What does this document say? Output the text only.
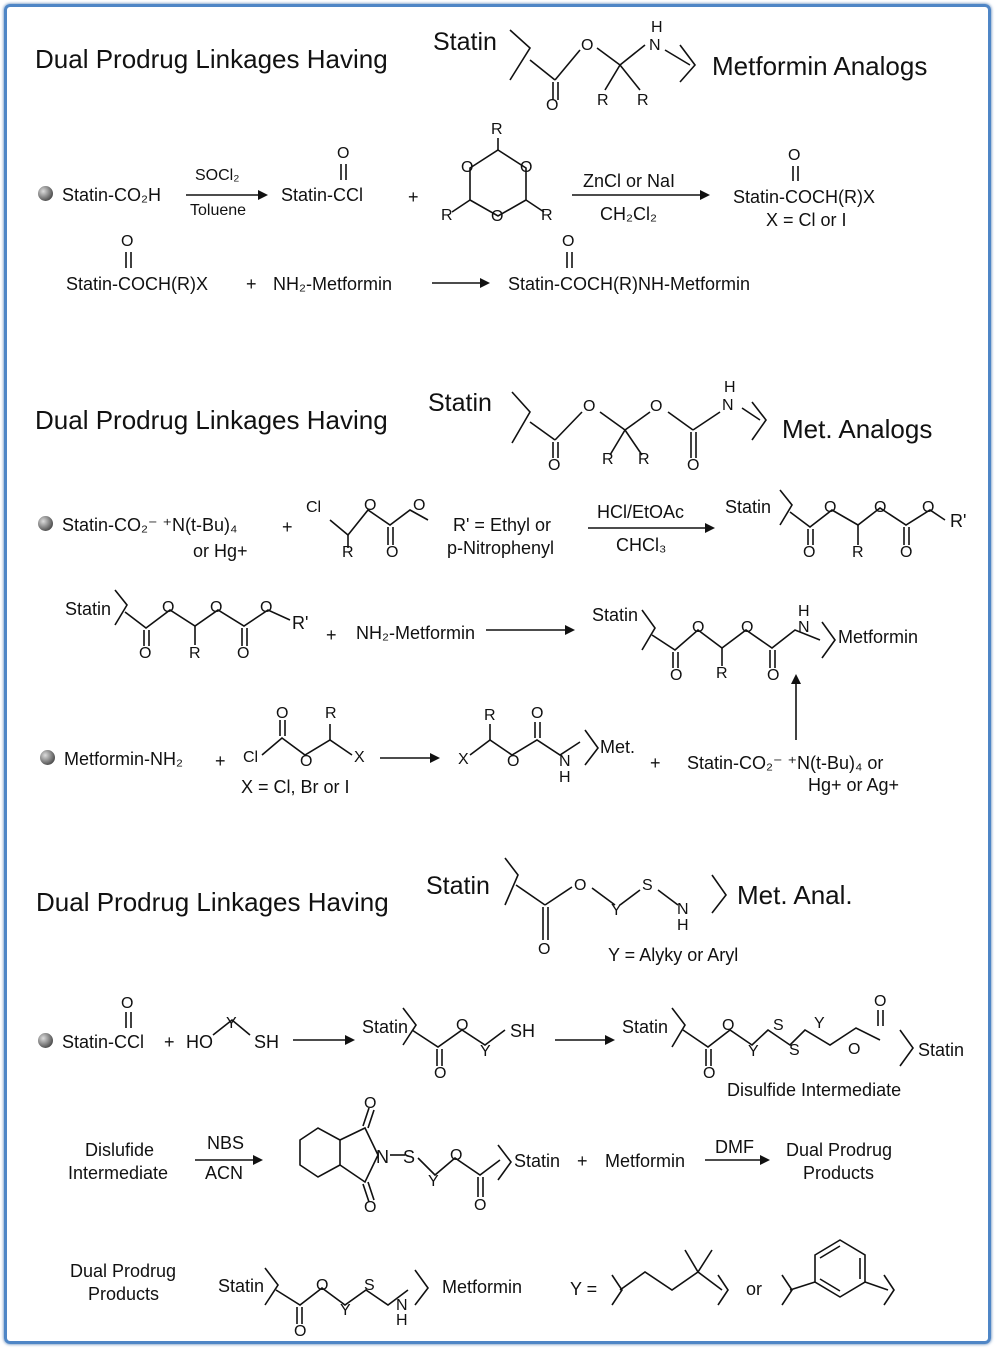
Dual Prodrug Linkages Having
Statin	O
O
H
N
R R
Metformin Analogs
Statin-CO₂H
SOCl₂
Toluene
O
Statin-CCl +
R
R	R
O	O
O
ZnCl or NaI
CH₂Cl₂
O
Statin-COCH(R)X
X = Cl or I
O
Statin-COCH(R)X + NH₂-Metformin
O
Statin-COCH(R)NH-Metformin
Dual Prodrug Linkages Having
Statin	O	O
O	O
R R
H
N
Met. Analogs
Statin-CO₂⁻ ⁺N(t-Bu)₄
or Hg+
+
Cl
R
O
O
O
R' = Ethyl or
p-Nitrophenyl
HCl/EtOAc
CHCl₃
Statin	O O O
O R O
R'
Statin	O O O
O R O
R'
+ NH₂-Metformin
Statin
O O
O R O
H
N Metformin
Metformin-NH₂ + Cl
O
O
R
X
X = Cl, Br or I
X
R
O
O
N
H
Met.
+ Statin-CO₂⁻ ⁺N(t-Bu)₄ or
Hg+ or Ag+
Dual Prodrug Linkages Having
Statin	O
O
Y
S
N
H
Met. Anal.
Y = Alyky or Aryl
O
Statin-CCl + HO
Y
SH
Statin	O
O
Y
SH	Statin	O
O
Y
S
S
Y
O
O
Statin
Disulfide Intermediate
Dislufide
Intermediate
NBS
ACN
O
O
N S
Y
O
O
Statin + Metformin
DMF Dual Prodrug
Products
Dual Prodrug
Products	Statin	O
O
Y
S
N
H
Metformin	Y =	or
